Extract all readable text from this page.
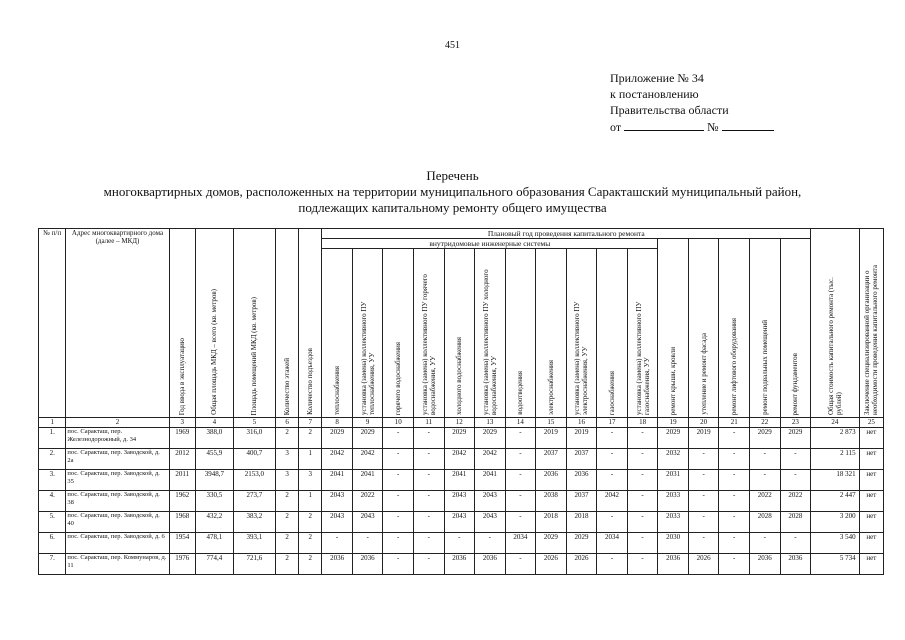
451
Приложение № 34
к постановлению
Правительства области
от	№
Перечень
многоквартирных домов, расположенных на территории муниципального образования Саракташский муниципальный район,
подлежащих капитальному ремонту общего имущества
№ п/п	Адрес многоквартирного дома (далее – МКД)	Год ввода в эксплуатацию	Общая площадь МКД – всего (кв. метров)	Площадь помещений МКД (кв. метров)	Количество этажей	Количество подъездов	Плановый год проведения капитального ремонта																Общая стоимость капитального ремонта (тыс. рублей)	Заключение специализированной организации о необходимости проведения капитального ремонта

							внутридомовые инженерные системы											ремонт крыши, кровли	утепление и ремонт фасада	ремонт лифтового оборудования	ремонт подвальных помещений	ремонт фундаментов		

							теплоснабжения	установка (замена) коллективного ПУ теплоснабжения, УУ	горячего водоснабжения	установка (замена) коллективного ПУ горячего водоснабжения, УУ	холодного водоснабжения	установка (замена) коллективного ПУ холодного водоснабжения, УУ	водоотведения	электроснабжения	установка (замена) коллективного ПУ электроснабжения, УУ	газоснабжения	установка (замена) коллективного ПУ газоснабжения, УУ							

1	2	3	4	5	6	7	8	9	10	11	12	13	14	15	16	17	18	19	20	21	22	23	24	25
1.	пос. Саракташ, пер. Железнодорожный, д. 34	1969	388,0	316,0	2	2	2029	2029	-	-	2029	2029	-	2019	2019	-	-	2029	2019	-	2029	2029	2 873	нет
2.	пос. Саракташ, пер. Заводской, д. 2а	2012	455,9	400,7	3	1	2042	2042	-	-	2042	2042	-	2037	2037	-	-	2032	-	-	-	-	2 115	нет
3.	пос. Саракташ, пер. Заводской, д. 35	2011	3948,7	2153,0	3	3	2041	2041	-	-	2041	2041	-	2036	2036	-	-	2031	-	-	-	-	18 321	нет
4.	пос. Саракташ, пер. Заводской, д. 38	1962	330,5	273,7	2	1	2043	2022	-	-	2043	2043	-	2038	2037	2042	-	2033	-	-	2022	2022	2 447	нет
5.	пос. Саракташ, пер. Заводской, д. 40	1968	432,2	383,2	2	2	2043	2043	-	-	2043	2043	-	2018	2018	-	-	2033	-	-	2028	2028	3 200	нет
6.	пос. Саракташ, пер. Заводской, д. 6	1954	478,1	393,1	2	2	-	-	-	-	-	-	2034	2029	2029	2034	-	2030	-	-	-	-	3 540	нет
7.	пос. Саракташ, пер. Коммунаров, д. 11	1976	774,4	721,6	2	2	2036	2036	-	-	2036	2036	-	2026	2026	-	-	2036	2026	-	2036	2036	5 734	нет
